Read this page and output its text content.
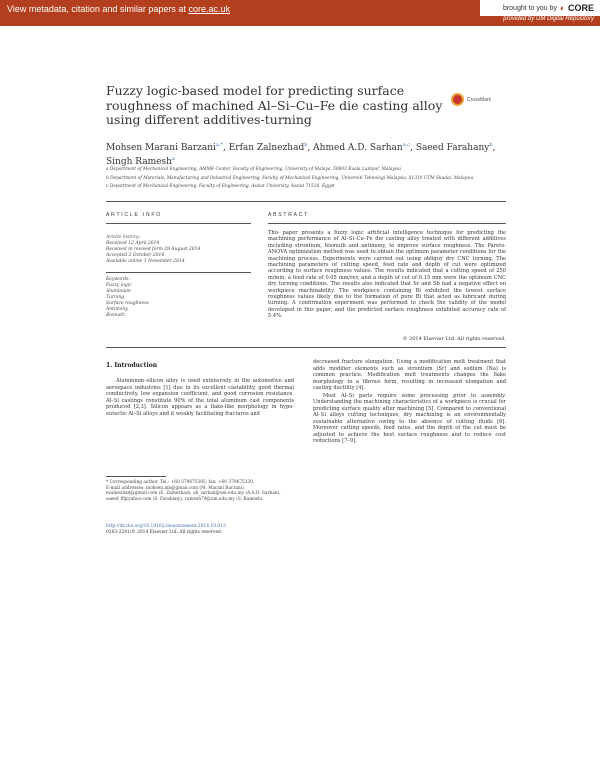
View metadata, citation and similar papers at core.ac.uk	brought to you by ◐ CORE
provided by UM Digital Repository
Fuzzy logic-based model for predicting surface roughness of machined Al–Si–Cu–Fe die casting alloy using different additives-turning
CrossMark
Mohsen Marani Barzani$^{a,*}$, Erfan Zalnezhad$^b$, Ahmed A.D. Sarhan$^{a,c}$, Saeed Farahany$^b$, Singh Ramesh$^a$

a Department of Mechanical Engineering, AMME Center, Faculty of Engineering, University of Malaya, 50603 Kuala Lumpur, Malaysia

b Department of Materials, Manufacturing and Industrial Engineering, Faculty of Mechanical Engineering, Universiti Teknologi Malaysia, 81310 UTM Skudai, Malaysia

c Department of Mechanical Engineering, Faculty of Engineering, Assiut University, Assiut 71516, Egypt

ARTICLE INFO	ABSTRACT
Article history:
Received 12 April 2014
Received in revised form 28 August 2014
Accepted 2 October 2014
Available online 1 November 2014
Keywords:
Fuzzy logic
Aluminium
Turning
Surface roughness
Antimony
Bismuth
This paper presents a fuzzy logic artificial intelligence technique for predicting the machining performance of Al–Si–Cu–Fe die casting alloy treated with different additives including strontium, bismuth and antimony, to improve surface roughness. The Pareto-ANOVA optimization method was used to obtain the optimum parameter conditions for the machining process. Experiments were carried out using obliquy dry CNC turning. The machining parameters of cutting speed, feed rate and depth of cut were optimized according to surface roughness values. The results indicated that a cutting speed of 250 m/min, a feed rate of 0.05 mm/rev, and a depth of cut of 0.15 mm were the optimum CNC dry turning conditions. The results also indicated that Sr and Sb had a negative effect on workpiece machinability. The workpiece containing Bi exhibited the lowest surface roughness values likely due to the formation of pure Bi that acted as lubricant during turning. A confirmation experiment was performed to check the validity of the model developed in this paper, and the predicted surface roughness exhibited accuracy rate of 5.4%.
© 2014 Elsevier Ltd. All rights reserved.
1. Introduction

Aluminium–silicon alloy is used extensively in the automotive and aerospace industries [1] due to its excellent castability, good thermal conductivity, low expansion coefficient, and good corrosion resistance. Al–Si castings constitute 90% of the total aluminum cast components produced [2,3]. Silicon appears as a flake-like morphology in hypo-eutectic Al–Si alloys and it weakly facilitating fractures and

decreased fracture elongation. Using a modification melt treatment that adds modifier elements such as strontium (Sr) and sodium (Na) is common practice. Modification melt treatments changes the flake morphology to a fibrous form, resulting in increased elongation and casting ductility [4].

Most Al–Si parts require some processing prior to assembly. Understanding the machining characteristics of a workpiece is crucial for predicting surface quality after machining [5]. Compared to conventional Al–Si alloys cutting techniques, dry machining is an environmentally sustainable alternative owing to the absence of cutting fluids [6]. Moreover cutting speeds, feed rates, and the depth of the cut must be adjusted to achieve the best surface roughness and to reduce cost reductions [7–9].

* Corresponding author. Tel.: +60 379675385; fax: +60 379675330.

E-mail addresses: mohsen.mb@gmail.com (M. Marani Barzani), ezalnezhad@gmail.com (E. Zalnezhad), ah_sarhan@um.edu.my (A.A.D. Sarhan), saeed_ff@yahoo.com (S. Farahany), ramesh79@um.edu.my (S. Ramesh).

http://dx.doi.org/10.1016/j.measurement.2014.10.013
0263-2241/© 2014 Elsevier Ltd. All rights reserved.
